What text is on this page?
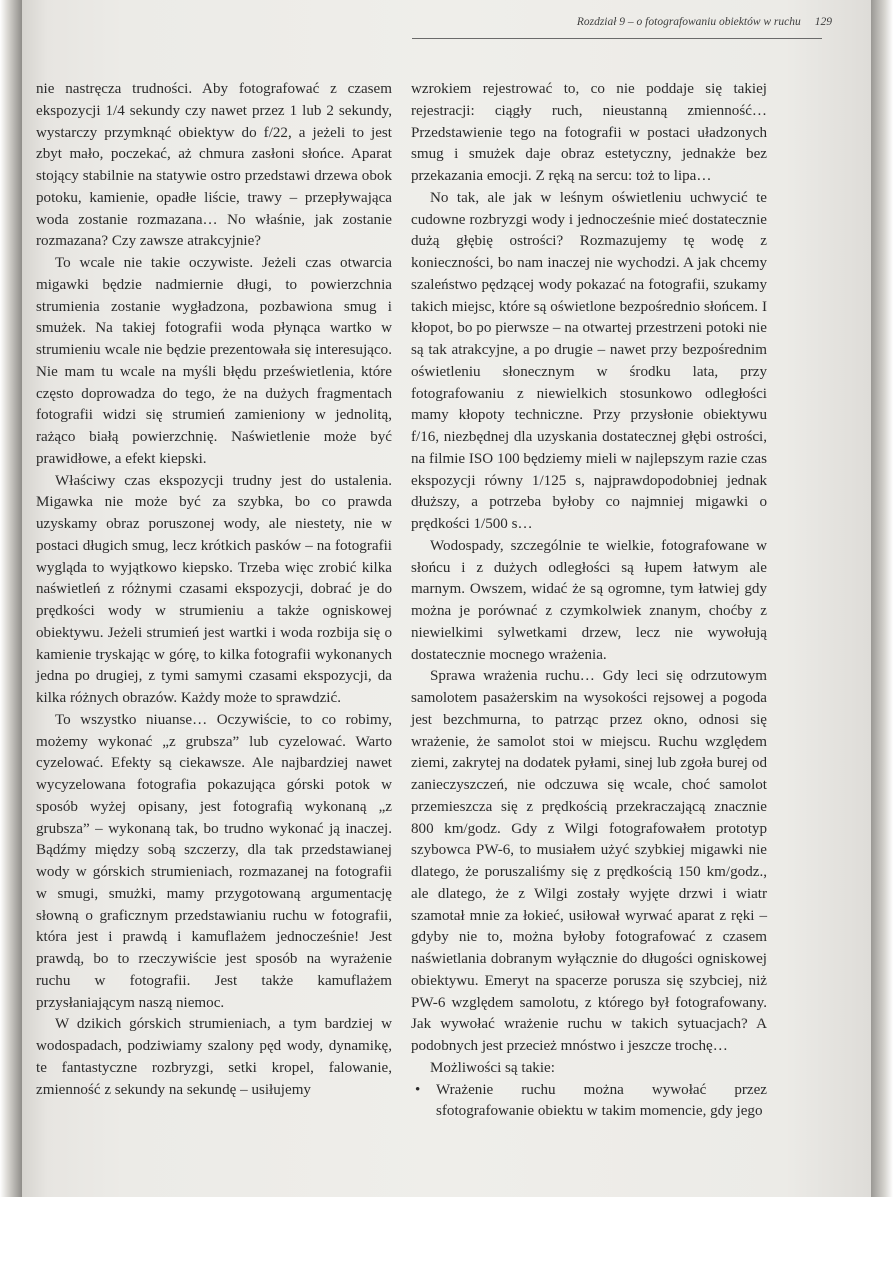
Rozdział 9 – o fotografowaniu obiektów w ruchu 129

nie nastręcza trudności. Aby fotografować z czasem ekspozycji 1/4 sekundy czy nawet przez 1 lub 2 sekundy, wystarczy przymknąć obiektyw do f/22, a jeżeli to jest zbyt mało, poczekać, aż chmura zasłoni słońce. Aparat stojący stabilnie na statywie ostro przedstawi drzewa obok potoku, kamienie, opadłe liście, trawy – przepływająca woda zostanie rozmazana… No właśnie, jak zostanie rozmazana? Czy zawsze atrakcyjnie?

To wcale nie takie oczywiste. Jeżeli czas otwarcia migawki będzie nadmiernie długi, to powierzchnia strumienia zostanie wygładzona, pozbawiona smug i smużek. Na takiej fotografii woda płynąca wartko w strumieniu wcale nie będzie prezentowała się interesująco. Nie mam tu wcale na myśli błędu prześwietlenia, które często doprowadza do tego, że na dużych fragmentach fotografii widzi się strumień zamieniony w jednolitą, rażąco białą powierzchnię. Naświetlenie może być prawidłowe, a efekt kiepski.

Właściwy czas ekspozycji trudny jest do ustalenia. Migawka nie może być za szybka, bo co prawda uzyskamy obraz poruszonej wody, ale niestety, nie w postaci długich smug, lecz krótkich pasków – na fotografii wygląda to wyjątkowo kiepsko. Trzeba więc zrobić kilka naświetleń z różnymi czasami ekspozycji, dobrać je do prędkości wody w strumieniu a także ogniskowej obiektywu. Jeżeli strumień jest wartki i woda rozbija się o kamienie tryskając w górę, to kilka fotografii wykonanych jedna po drugiej, z tymi samymi czasami ekspozycji, da kilka różnych obrazów. Każdy może to sprawdzić.

To wszystko niuanse… Oczywiście, to co robimy, możemy wykonać „z grubsza” lub cyzelować. Warto cyzelować. Efekty są ciekawsze. Ale najbardziej nawet wycyzelowana fotografia pokazująca górski potok w sposób wyżej opisany, jest fotografią wykonaną „z grubsza” – wykonaną tak, bo trudno wykonać ją inaczej. Bądźmy między sobą szczerzy, dla tak przedstawianej wody w górskich strumieniach, rozmazanej na fotografii w smugi, smużki, mamy przygotowaną argumentację słowną o graficznym przedstawianiu ruchu w fotografii, która jest i prawdą i kamuflażem jednocześnie! Jest prawdą, bo to rzeczywiście jest sposób na wyrażenie ruchu w fotografii. Jest także kamuflażem przysłaniającym naszą niemoc.

W dzikich górskich strumieniach, a tym bardziej w wodospadach, podziwiamy szalony pęd wody, dynamikę, te fantastyczne rozbryzgi, setki kropel, falowanie, zmienność z sekundy na sekundę – usiłujemy

wzrokiem rejestrować to, co nie poddaje się takiej rejestracji: ciągły ruch, nieustanną zmienność… Przedstawienie tego na fotografii w postaci uładzonych smug i smużek daje obraz estetyczny, jednakże bez przekazania emocji. Z ręką na sercu: toż to lipa…

No tak, ale jak w leśnym oświetleniu uchwycić te cudowne rozbryzgi wody i jednocześnie mieć dostatecznie dużą głębię ostrości? Rozmazujemy tę wodę z konieczności, bo nam inaczej nie wychodzi. A jak chcemy szaleństwo pędzącej wody pokazać na fotografii, szukamy takich miejsc, które są oświetlone bezpośrednio słońcem. I kłopot, bo po pierwsze – na otwartej przestrzeni potoki nie są tak atrakcyjne, a po drugie – nawet przy bezpośrednim oświetleniu słonecznym w środku lata, przy fotografowaniu z niewielkich stosunkowo odległości mamy kłopoty techniczne. Przy przysłonie obiektywu f/16, niezbędnej dla uzyskania dostatecznej głębi ostrości, na filmie ISO 100 będziemy mieli w najlepszym razie czas ekspozycji równy 1/125 s, najprawdopodobniej jednak dłuższy, a potrzeba byłoby co najmniej migawki o prędkości 1/500 s…

Wodospady, szczególnie te wielkie, fotografowane w słońcu i z dużych odległości są łupem łatwym ale marnym. Owszem, widać że są ogromne, tym łatwiej gdy można je porównać z czymkolwiek znanym, choćby z niewielkimi sylwetkami drzew, lecz nie wywołują dostatecznie mocnego wrażenia.

Sprawa wrażenia ruchu… Gdy leci się odrzutowym samolotem pasażerskim na wysokości rejsowej a pogoda jest bezchmurna, to patrząc przez okno, odnosi się wrażenie, że samolot stoi w miejscu. Ruchu względem ziemi, zakrytej na dodatek pyłami, sinej lub zgoła burej od zanieczyszczeń, nie odczuwa się wcale, choć samolot przemieszcza się z prędkością przekraczającą znacznie 800 km/godz. Gdy z Wilgi fotografowałem prototyp szybowca PW-6, to musiałem użyć szybkiej migawki nie dlatego, że poruszaliśmy się z prędkością 150 km/godz., ale dlatego, że z Wilgi zostały wyjęte drzwi i wiatr szamotał mnie za łokieć, usiłował wyrwać aparat z ręki – gdyby nie to, można byłoby fotografować z czasem naświetlania dobranym wyłącznie do długości ogniskowej obiektywu. Emeryt na spacerze porusza się szybciej, niż PW-6 względem samolotu, z którego był fotografowany. Jak wywołać wrażenie ruchu w takich sytuacjach? A podobnych jest przecież mnóstwo i jeszcze trochę…

Możliwości są takie:

• Wrażenie ruchu można wywołać przez sfotografowanie obiektu w takim momencie, gdy jego
